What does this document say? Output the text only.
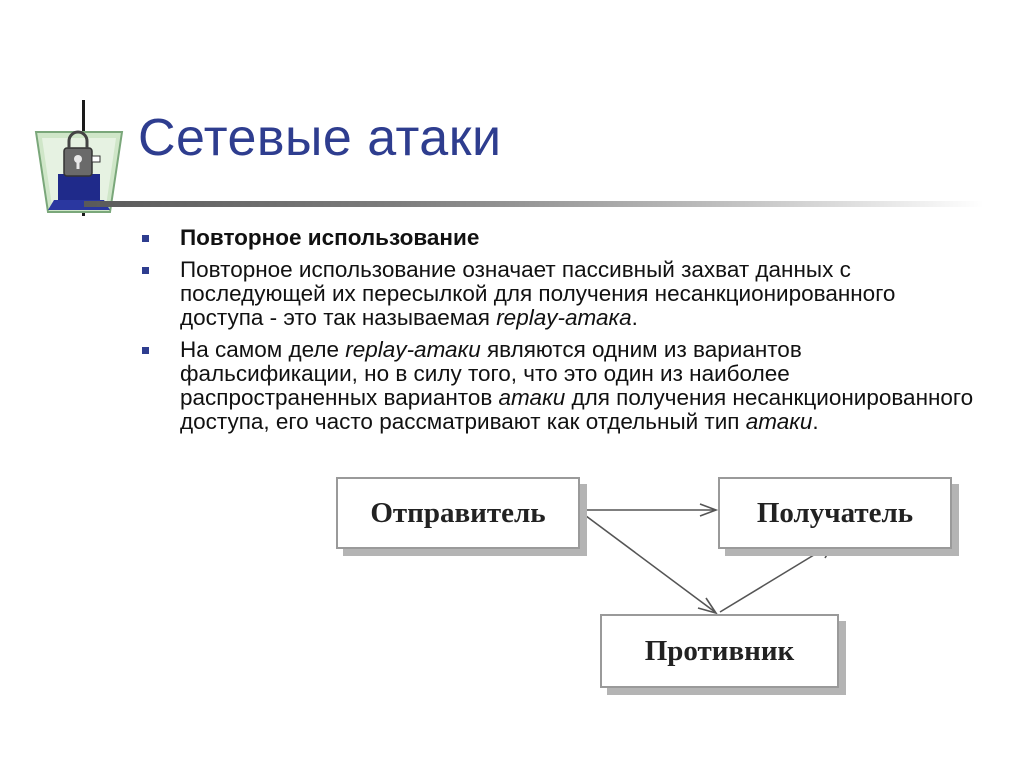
Сетевые атаки
Повторное использование
Повторное использование означает пассивный захват данных с последующей их пересылкой для получения несанкционированного доступа - это так называемая replay-атака.
На самом деле replay-атаки являются одним из вариантов фальсификации, но в силу того, что это один из наиболее распространенных вариантов атаки для получения несанкционированного доступа, его часто рассматривают как отдельный тип атаки.
Отправитель	Получатель
Противник
